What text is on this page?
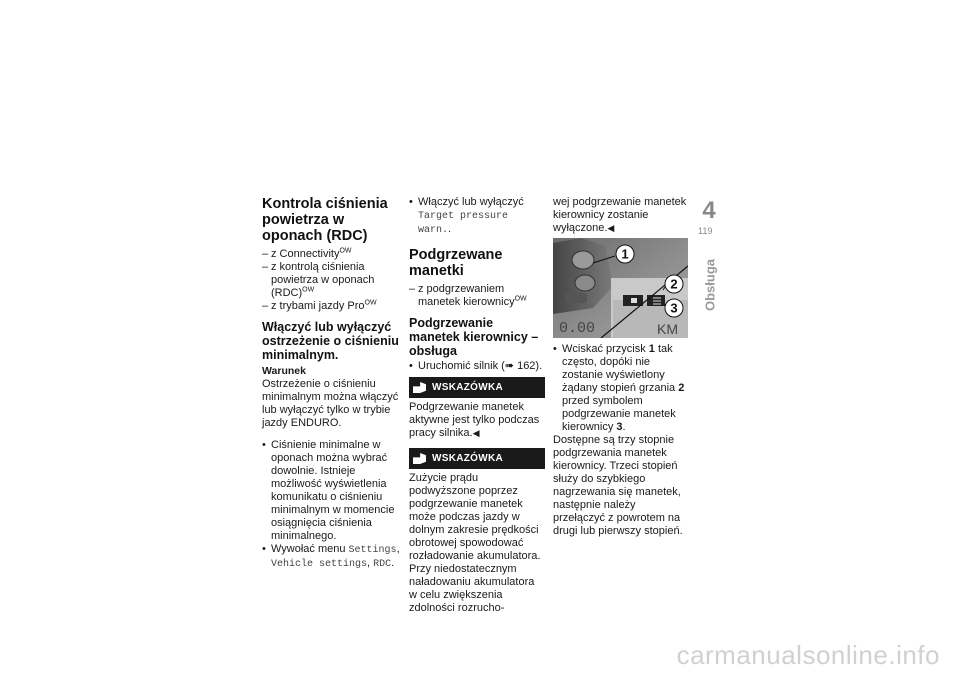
Kontrola ciśnienia powietrza w oponach (RDC)
– z Connectivity$^{OW}$
– z kontrolą ciśnienia powietrza w oponach (RDC)$^{OW}$
– z trybami jazdy Pro$^{OW}$
Włączyć lub wyłączyć ostrzeżenie o ciśnieniu minimalnym.
Warunek

Ostrzeżenie o ciśnieniu minimalnym można włączyć lub wyłączyć tylko w trybie jazdy ENDURO.

• Ciśnienie minimalne w oponach można wybrać dowolnie. Istnieje możliwość wyświetlenia komunikatu o ciśnieniu minimalnym w momencie osiągnięcia ciśnienia minimalnego.
• Wywołać menu Settings, Vehicle settings, RDC.
• Włączyć lub wyłączyć Target pressure warn..
Podgrzewane manetki
– z podgrzewaniem manetek kierownicy$^{OW}$
Podgrzewanie manetek kierownicy – obsługa
• Uruchomić silnik (➠ 162).
WSKAZÓWKA

Podgrzewanie manetek aktywne jest tylko podczas pracy silnika.◀

WSKAZÓWKA

Zużycie prądu podwyższone poprzez podgrzewanie manetek może podczas jazdy w dolnym zakresie prędkości obrotowej spowodować rozładowanie akumulatora. Przy niedostatecznym naładowaniu akumulatora w celu zwiększenia zdolności rozrucho-

wej podgrzewanie manetek kierownicy zostanie wyłączone.◀

0.00	KM
1
2
3
• Wciskać przycisk 1 tak często, dopóki nie zostanie wyświetlony żądany stopień grzania 2 przed symbolem podgrzewanie manetek kierownicy 3.

Dostępne są trzy stopnie podgrzewania manetek kierownicy. Trzeci stopień służy do szybkiego nagrzewania się manetek, następnie należy przełączyć z powrotem na drugi lub pierwszy stopień.

4
119
Obsługa
carmanualsonline.info
